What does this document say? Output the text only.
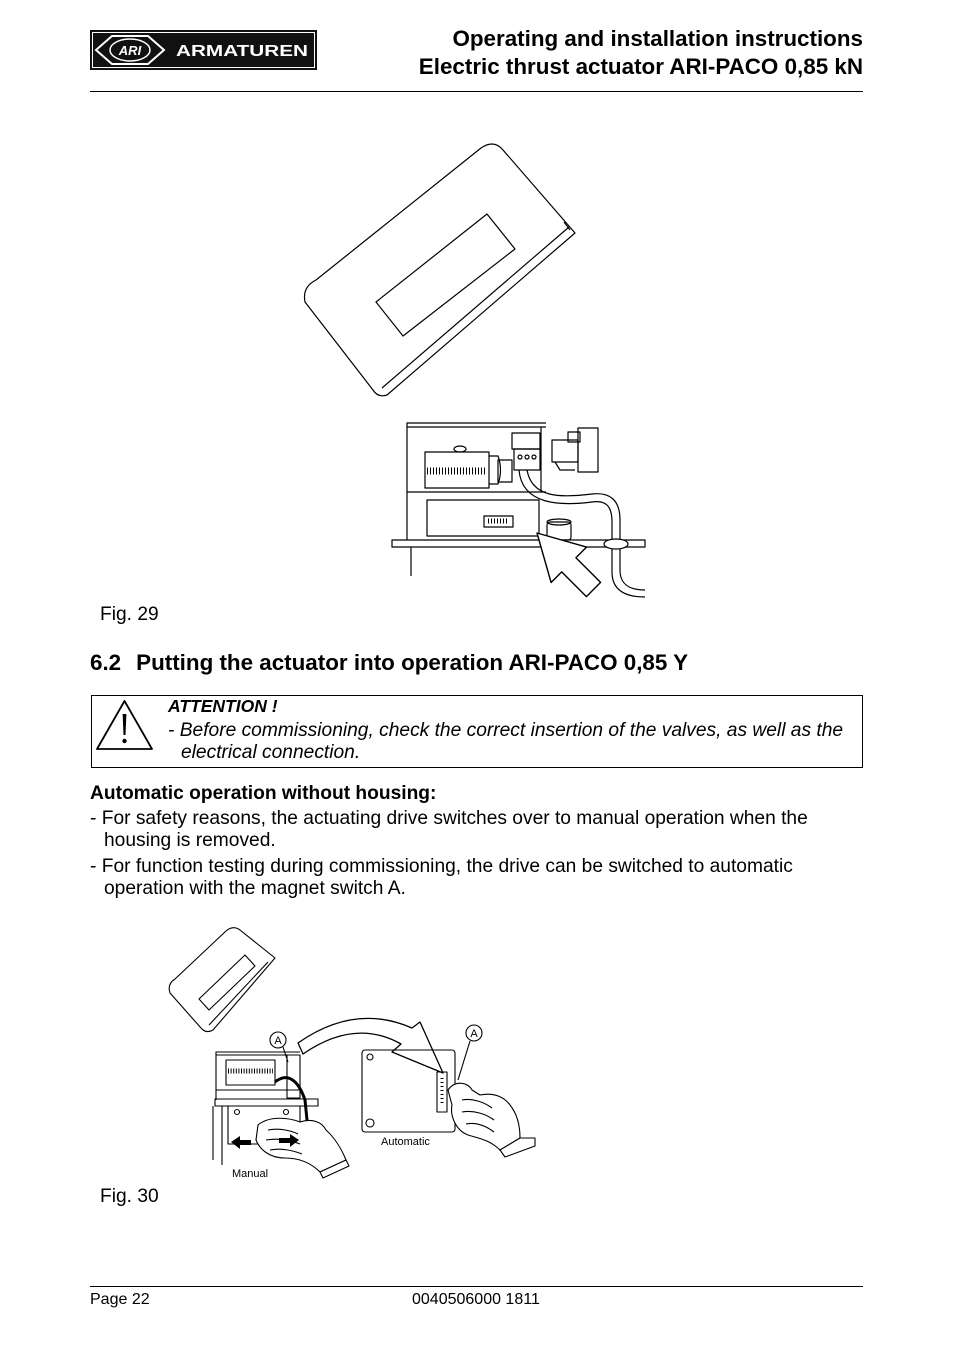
ARI ARMATUREN
Operating and installation instructions
Electric thrust actuator ARI-PACO 0,85 kN
Fig. 29
6.2 Putting the actuator into operation ARI-PACO 0,85 Y
ATTENTION !
- Before commissioning, check the correct insertion of the valves, as well as the
electrical connection.
Automatic operation without housing:
- For safety reasons, the actuating drive switches over to manual operation when the
housing is removed.
- For function testing during commissioning, the drive can be switched to automatic
operation with the magnet switch A.
A
A
Automatic
Manual
Fig. 30
Page 22	0040506000 1811
